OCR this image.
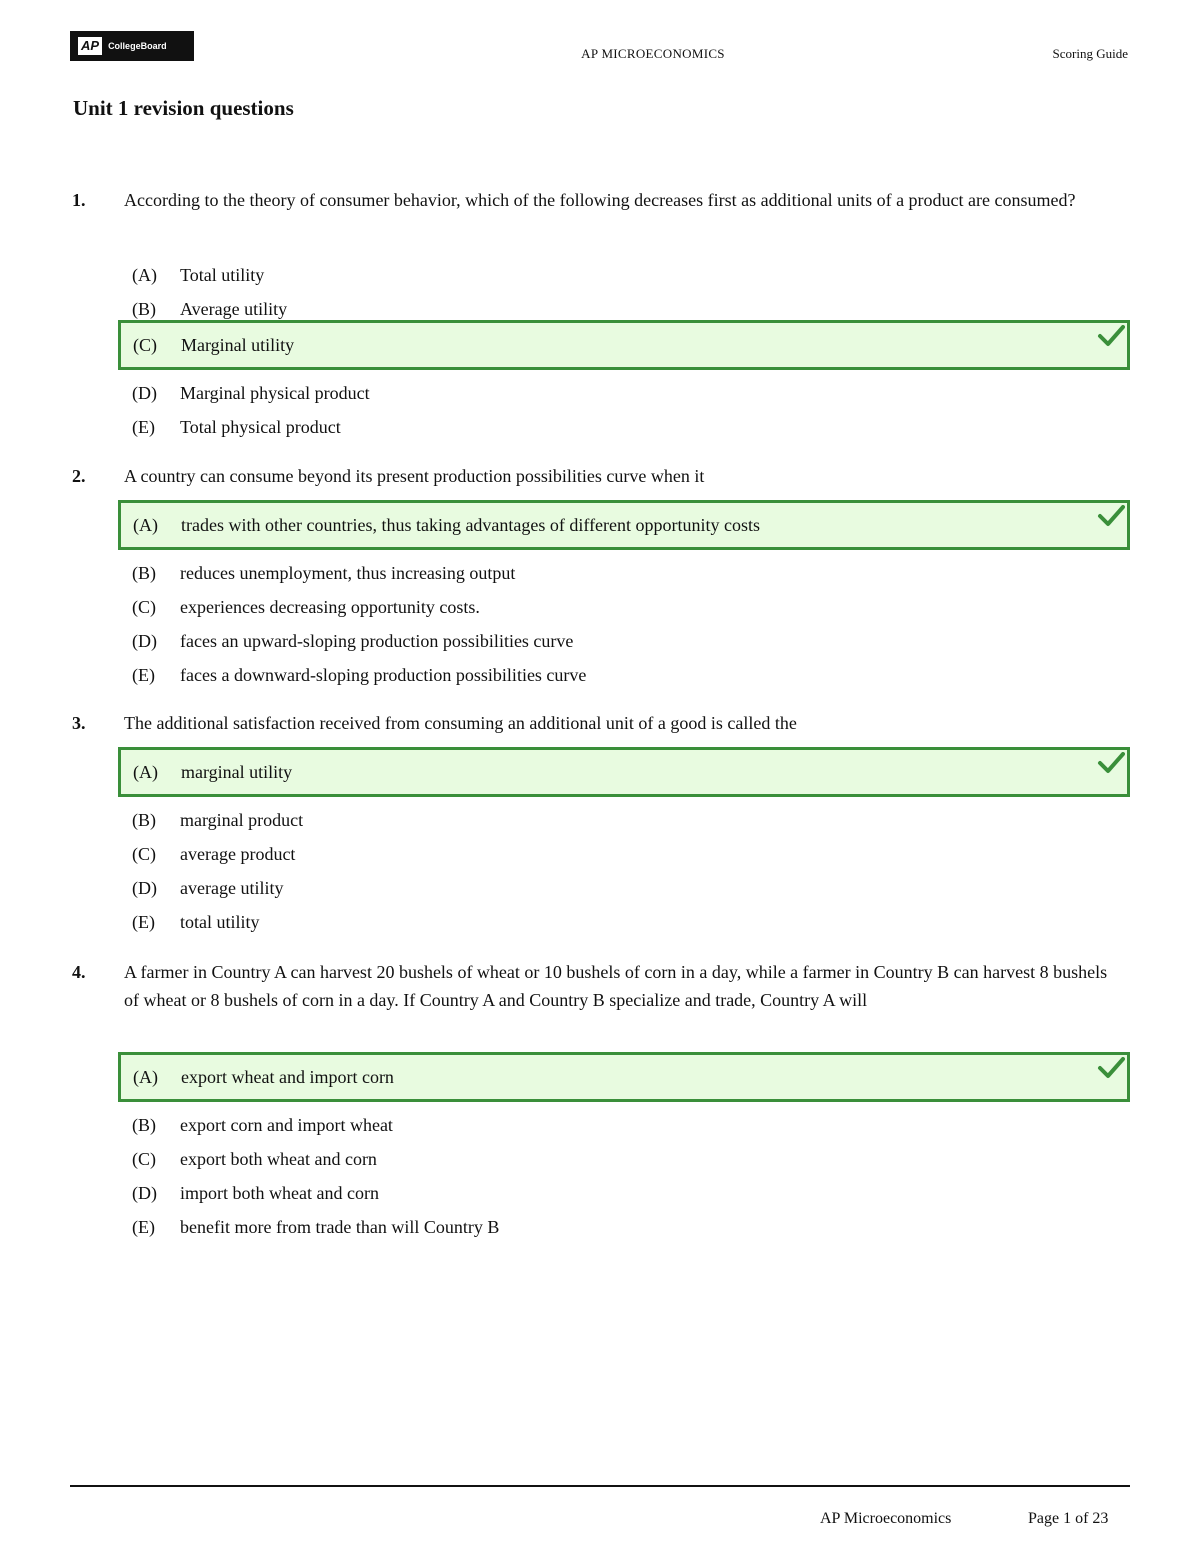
AP	CollegeBoard	AP MICROECONOMICS	Scoring Guide
Unit 1 revision questions
1. According to the theory of consumer behavior, which of the following decreases first as additional units of a product are consumed?
(A) Total utility
(B) Average utility
(C) Marginal utility
(D) Marginal physical product
(E) Total physical product
2. A country can consume beyond its present production possibilities curve when it
(A) trades with other countries, thus taking advantages of different opportunity costs
(B) reduces unemployment, thus increasing output
(C) experiences decreasing opportunity costs.
(D) faces an upward-sloping production possibilities curve
(E) faces a downward-sloping production possibilities curve
3. The additional satisfaction received from consuming an additional unit of a good is called the
(A) marginal utility
(B) marginal product
(C) average product
(D) average utility
(E) total utility
4. A farmer in Country A can harvest 20 bushels of wheat or 10 bushels of corn in a day, while a farmer in Country B can harvest 8 bushels of wheat or 8 bushels of corn in a day. If Country A and Country B specialize and trade, Country A will
(A) export wheat and import corn
(B) export corn and import wheat
(C) export both wheat and corn
(D) import both wheat and corn
(E) benefit more from trade than will Country B
AP Microeconomics	Page 1 of 23
